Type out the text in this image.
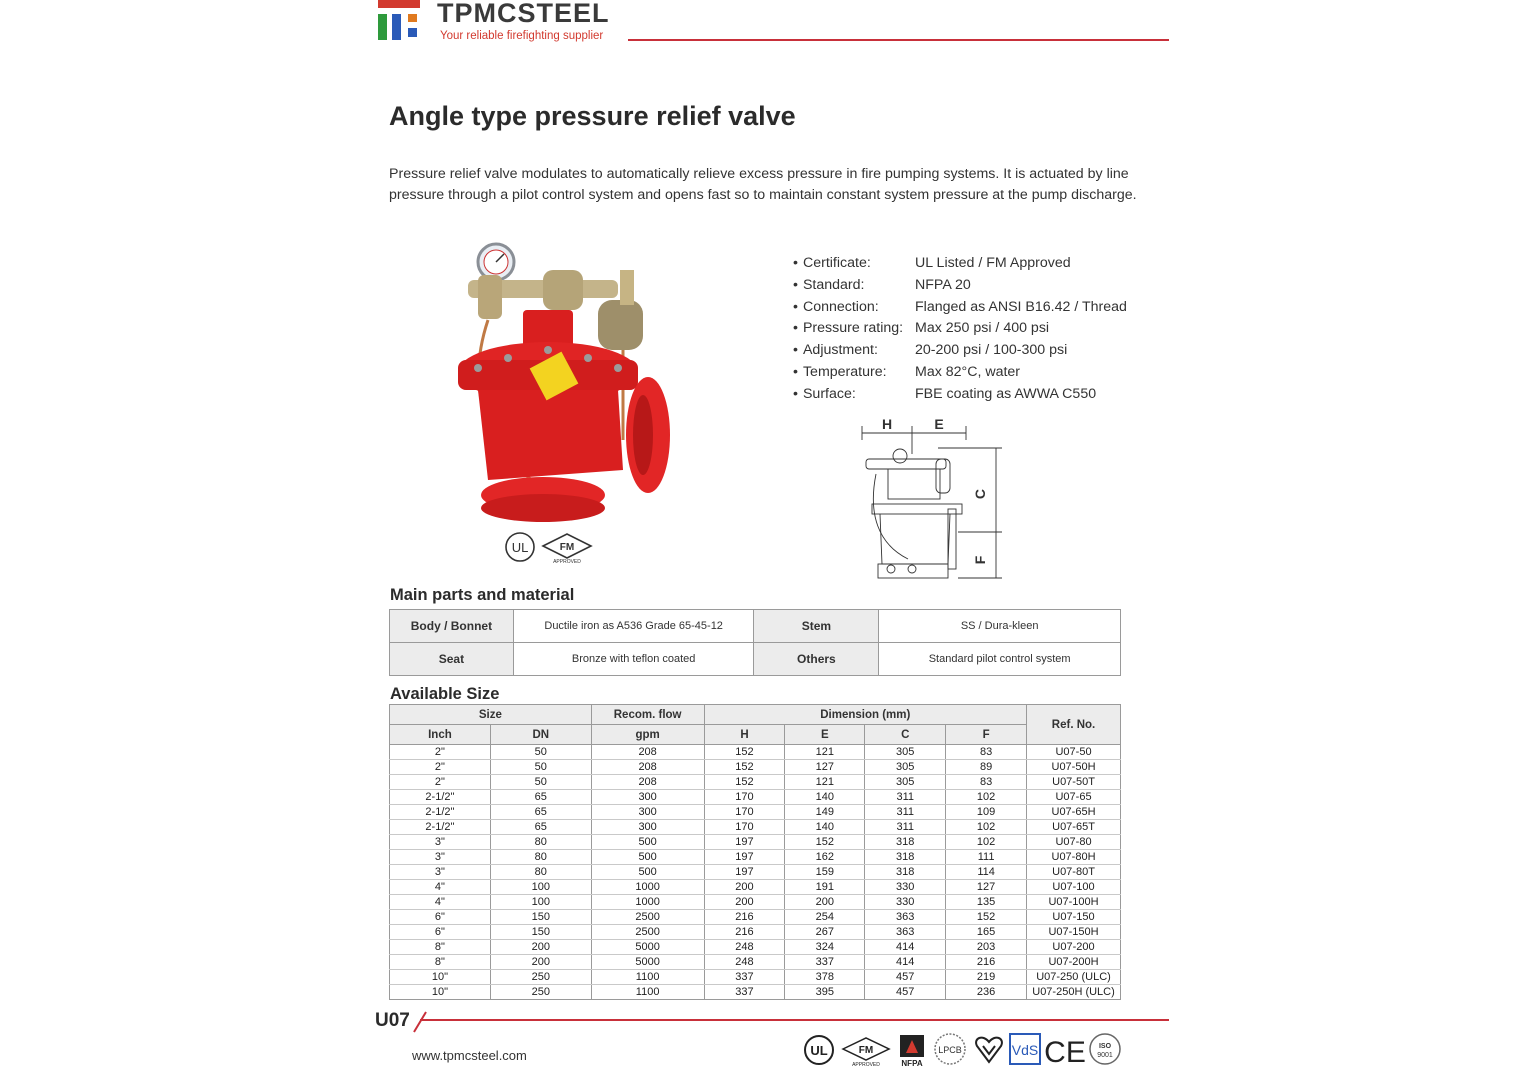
TPMCSTEEL
Your reliable firefighting supplier
Angle type pressure relief valve

Pressure relief valve modulates to automatically relieve excess pressure in fire pumping systems. It is actuated by line pressure through a pilot control system and opens fast so to maintain constant system pressure at the pump discharge.

UL	FM
APPROVED
• Certificate:	UL Listed / FM Approved
• Standard:	NFPA 20
• Connection:	Flanged as ANSI B16.42 / Thread
• Pressure rating: Max 250 psi / 400 psi
• Adjustment:	20-200 psi / 100-300 psi
• Temperature:	Max 82°C, water
• Surface:	FBE coating as AWWA C550
H	E
C
F
Main parts and material
Body / Bonnet	Ductile iron as A536 Grade 65-45-12	Stem	SS / Dura-kleen
Seat	Bronze with teflon coated	Others	Standard pilot control system
Available Size
Size		Recom. flow	Dimension (mm)				Ref. No.
Inch	DN	gpm	H	E	C	F	
2"	50	208	152	121	305	83	U07-50
2"	50	208	152	127	305	89	U07-50H
2"	50	208	152	121	305	83	U07-50T
2-1/2"	65	300	170	140	311	102	U07-65
2-1/2"	65	300	170	149	311	109	U07-65H
2-1/2"	65	300	170	140	311	102	U07-65T
3"	80	500	197	152	318	102	U07-80
3"	80	500	197	162	318	111	U07-80H
3"	80	500	197	159	318	114	U07-80T
4"	100	1000	200	191	330	127	U07-100
4"	100	1000	200	200	330	135	U07-100H
6"	150	2500	216	254	363	152	U07-150
6"	150	2500	216	267	363	165	U07-150H
8"	200	5000	248	324	414	203	U07-200
8"	200	5000	248	337	414	216	U07-200H
10"	250	1100	337	378	457	219	U07-250 (ULC)
10"	250	1100	337	395	457	236	U07-250H (ULC)
U07
www.tpmcsteel.com	UL	FM
APPROVED	NFPA
LPCB	VdS CE ISO
9001
